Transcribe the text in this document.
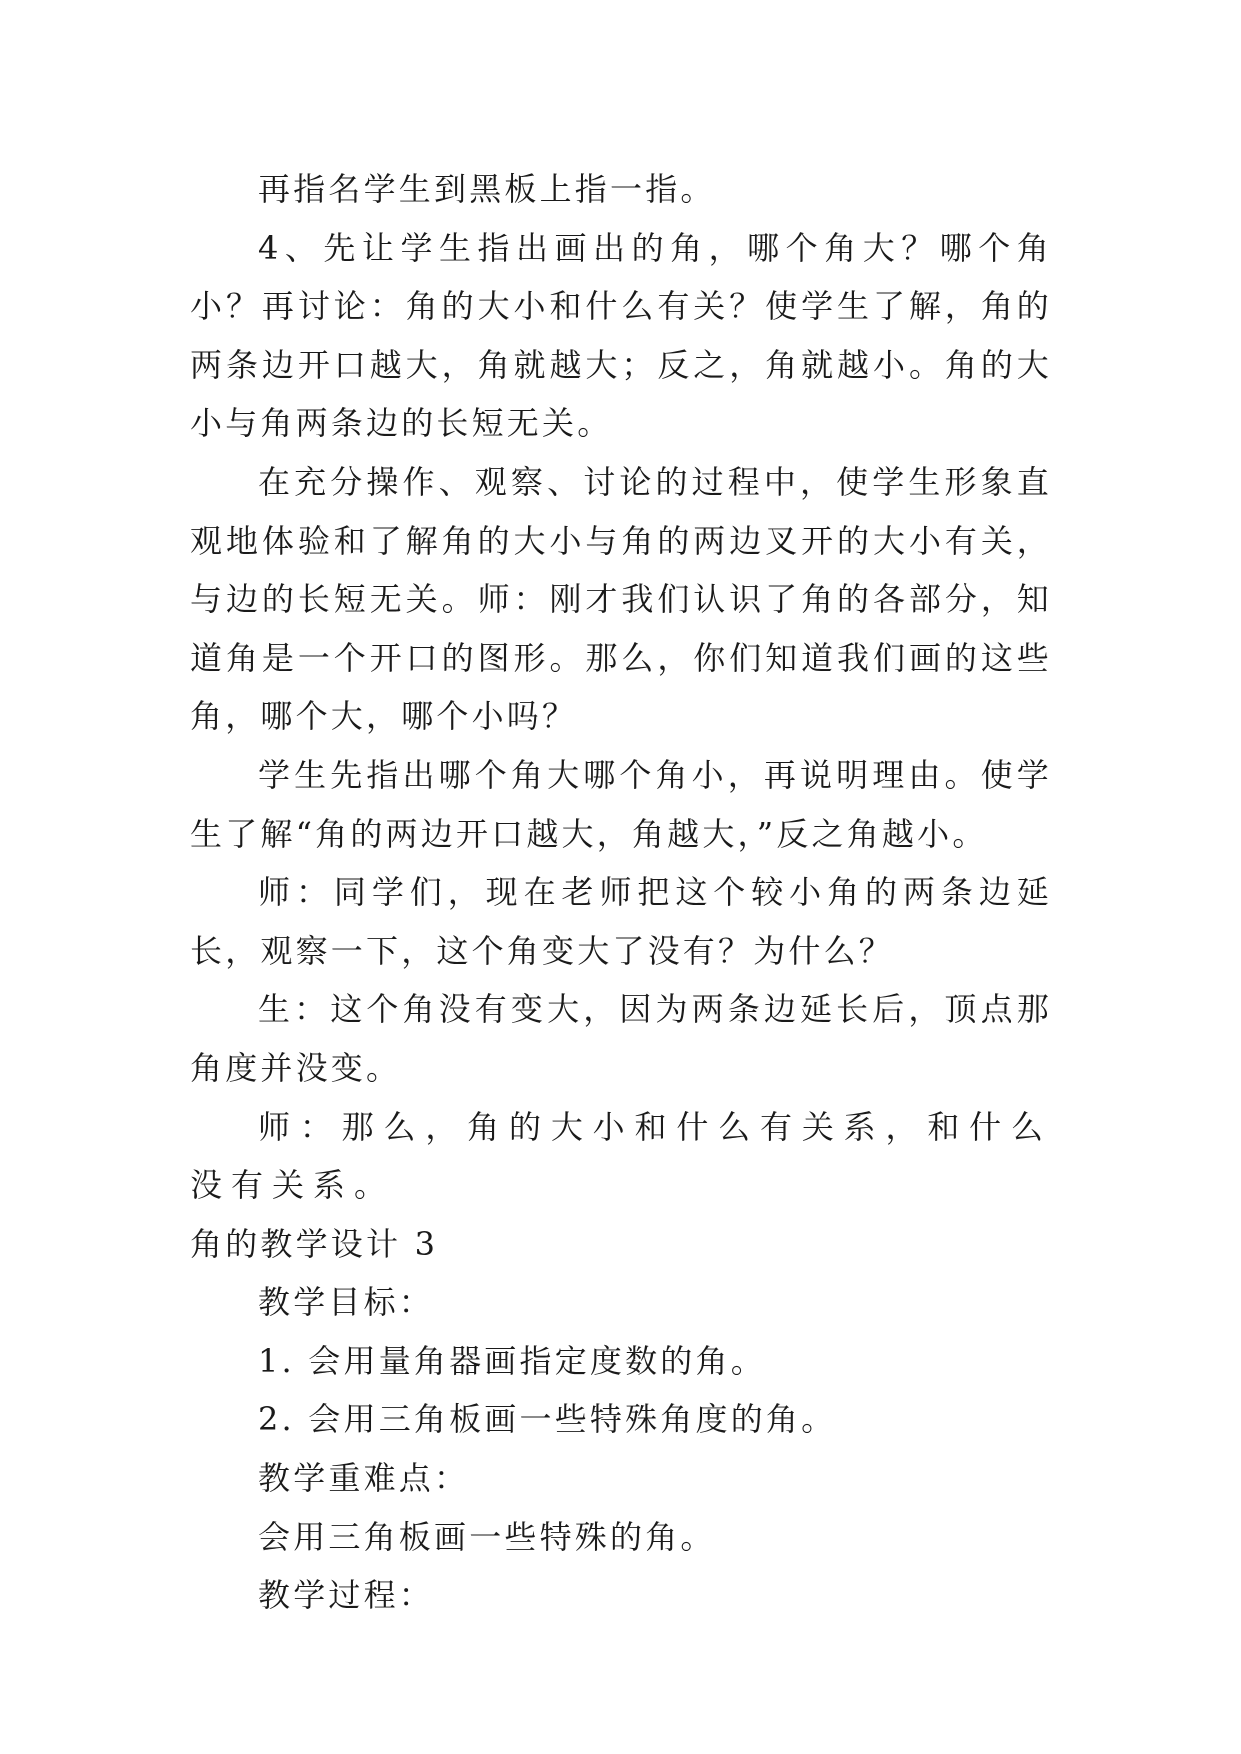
再指名学生到黑板上指一指。

4、先让学生指出画出的角，哪个角大？哪个角小？再讨论：角的大小和什么有关？使学生了解，角的两条边开口越大，角就越大；反之，角就越小。角的大小与角两条边的长短无关。

在充分操作、观察、讨论的过程中，使学生形象直观地体验和了解角的大小与角的两边叉开的大小有关，与边的长短无关。师：刚才我们认识了角的各部分，知道角是一个开口的图形。那么，你们知道我们画的这些角，哪个大，哪个小吗？

学生先指出哪个角大哪个角小，再说明理由。使学生了解“角的两边开口越大，角越大，”反之角越小。

师：同学们，现在老师把这个较小角的两条边延长，观察一下，这个角变大了没有？为什么？

生：这个角没有变大，因为两条边延长后，顶点那角度并没变。

师：那么，角的大小和什么有关系，和什么没有关系。

角的教学设计 3

教学目标：

1. 会用量角器画指定度数的角。

2. 会用三角板画一些特殊角度的角。

教学重难点：

会用三角板画一些特殊的角。

教学过程：
